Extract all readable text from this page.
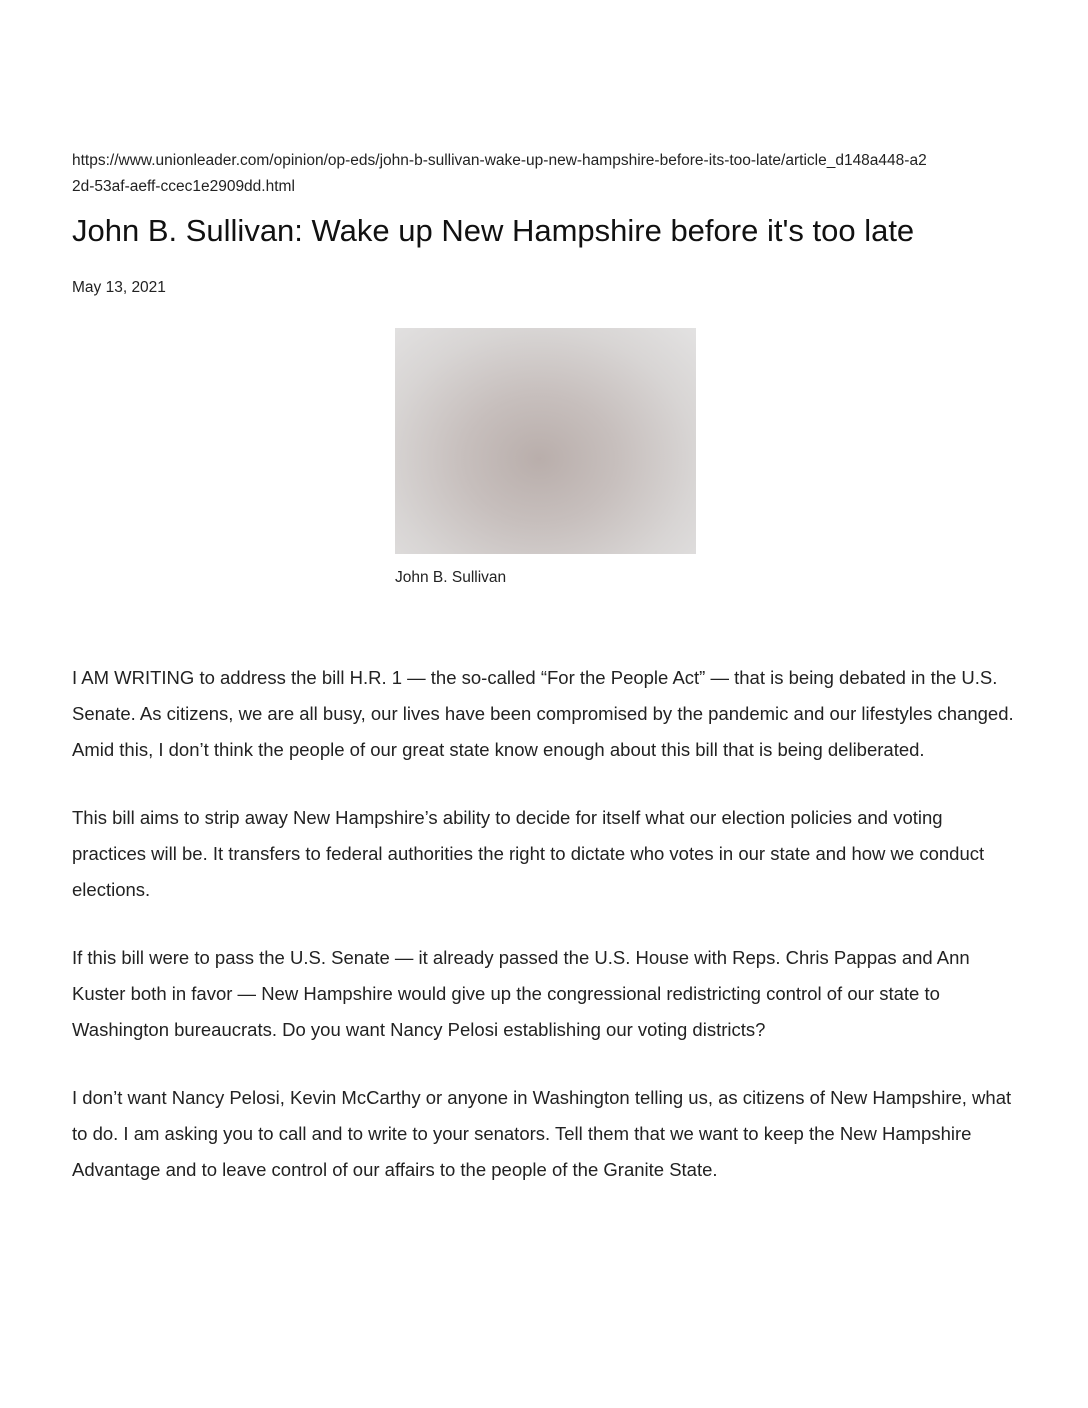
https://www.unionleader.com/opinion/op-eds/john-b-sullivan-wake-up-new-hampshire-before-its-too-late/article_d148a448-a22d-53af-aeff-ccec1e2909dd.html
John B. Sullivan: Wake up New Hampshire before it's too late
May 13, 2021
John B. Sullivan

I AM WRITING to address the bill H.R. 1 — the so-called “For the People Act” — that is being debated in the U.S. Senate. As citizens, we are all busy, our lives have been compromised by the pandemic and our lifestyles changed. Amid this, I don’t think the people of our great state know enough about this bill that is being deliberated.

This bill aims to strip away New Hampshire’s ability to decide for itself what our election policies and voting practices will be. It transfers to federal authorities the right to dictate who votes in our state and how we conduct elections.

If this bill were to pass the U.S. Senate — it already passed the U.S. House with Reps. Chris Pappas and Ann Kuster both in favor — New Hampshire would give up the congressional redistricting control of our state to Washington bureaucrats. Do you want Nancy Pelosi establishing our voting districts?

I don’t want Nancy Pelosi, Kevin McCarthy or anyone in Washington telling us, as citizens of New Hampshire, what to do. I am asking you to call and to write to your senators. Tell them that we want to keep the New Hampshire Advantage and to leave control of our affairs to the people of the Granite State.
